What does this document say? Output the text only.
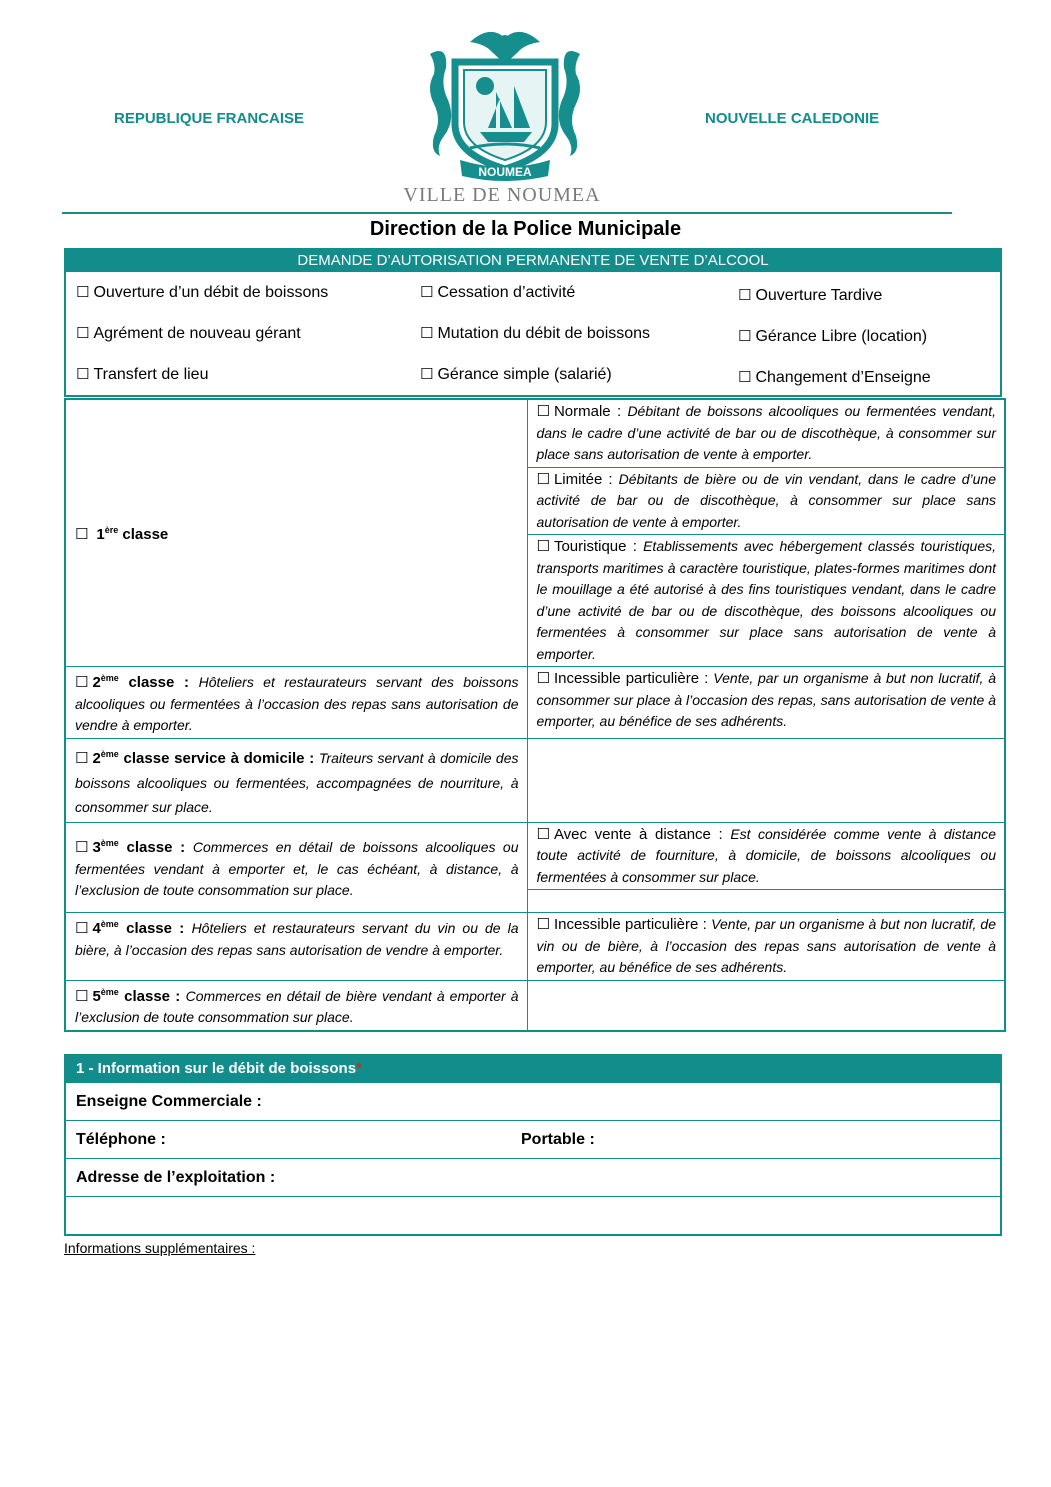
REPUBLIQUE FRANCAISE
NOUMEA
NOUVELLE CALEDONIE
VILLE DE NOUMEA
Direction de la Police Municipale
DEMANDE D’AUTORISATION PERMANENTE DE VENTE D’ALCOOL		
☐ Ouverture d’un débit de boissons	☐ Cessation d’activité	☐ Ouverture Tardive
☐ Agrément de nouveau gérant	☐ Mutation du débit de boissons	☐ Gérance Libre (location)
☐ Transfert de lieu	☐ Gérance simple (salarié)	☐ Changement d’Enseigne
☐ 1ère classe	☐ Normale : Débitant de boissons alcooliques ou fermentées vendant, dans le cadre d’une activité de bar ou de discothèque, à consommer sur place sans autorisation de vente à emporter.
	☐ Limitée : Débitants de bière ou de vin vendant, dans le cadre d’une activité de bar ou de discothèque, à consommer sur place sans autorisation de vente à emporter.
	☐ Touristique : Etablissements avec hébergement classés touristiques, transports maritimes à caractère touristique, plates-formes maritimes dont le mouillage a été autorisé à des fins touristiques vendant, dans le cadre d’une activité de bar ou de discothèque, des boissons alcooliques ou fermentées à consommer sur place sans autorisation de vente à emporter.
☐ 2ème classe : Hôteliers et restaurateurs servant des boissons alcooliques ou fermentées à l’occasion des repas sans autorisation de vendre à emporter.	☐ Incessible particulière : Vente, par un organisme à but non lucratif, à consommer sur place à l’occasion des repas, sans autorisation de vente à emporter, au bénéfice de ses adhérents.
☐ 2ème classe service à domicile : Traiteurs servant à domicile des boissons alcooliques ou fermentées, accompagnées de nourriture, à consommer sur place.	
☐ 3ème classe : Commerces en détail de boissons alcooliques ou fermentées vendant à emporter et, le cas échéant, à distance, à l’exclusion de toute consommation sur place.	☐ Avec vente à distance : Est considérée comme vente à distance toute activité de fourniture, à domicile, de boissons alcooliques ou fermentées à consommer sur place.

☐ 4ème classe : Hôteliers et restaurateurs servant du vin ou de la bière, à l’occasion des repas sans autorisation de vendre à emporter.	☐ Incessible particulière : Vente, par un organisme à but non lucratif, de vin ou de bière, à l’occasion des repas sans autorisation de vente à emporter, au bénéfice de ses adhérents.
☐ 5ème classe : Commerces en détail de bière vendant à emporter à l’exclusion de toute consommation sur place.	
1 - Information sur le débit de boissons*
Enseigne Commerciale :
Téléphone :	Portable :
Adresse de l’exploitation :

Informations supplémentaires :
